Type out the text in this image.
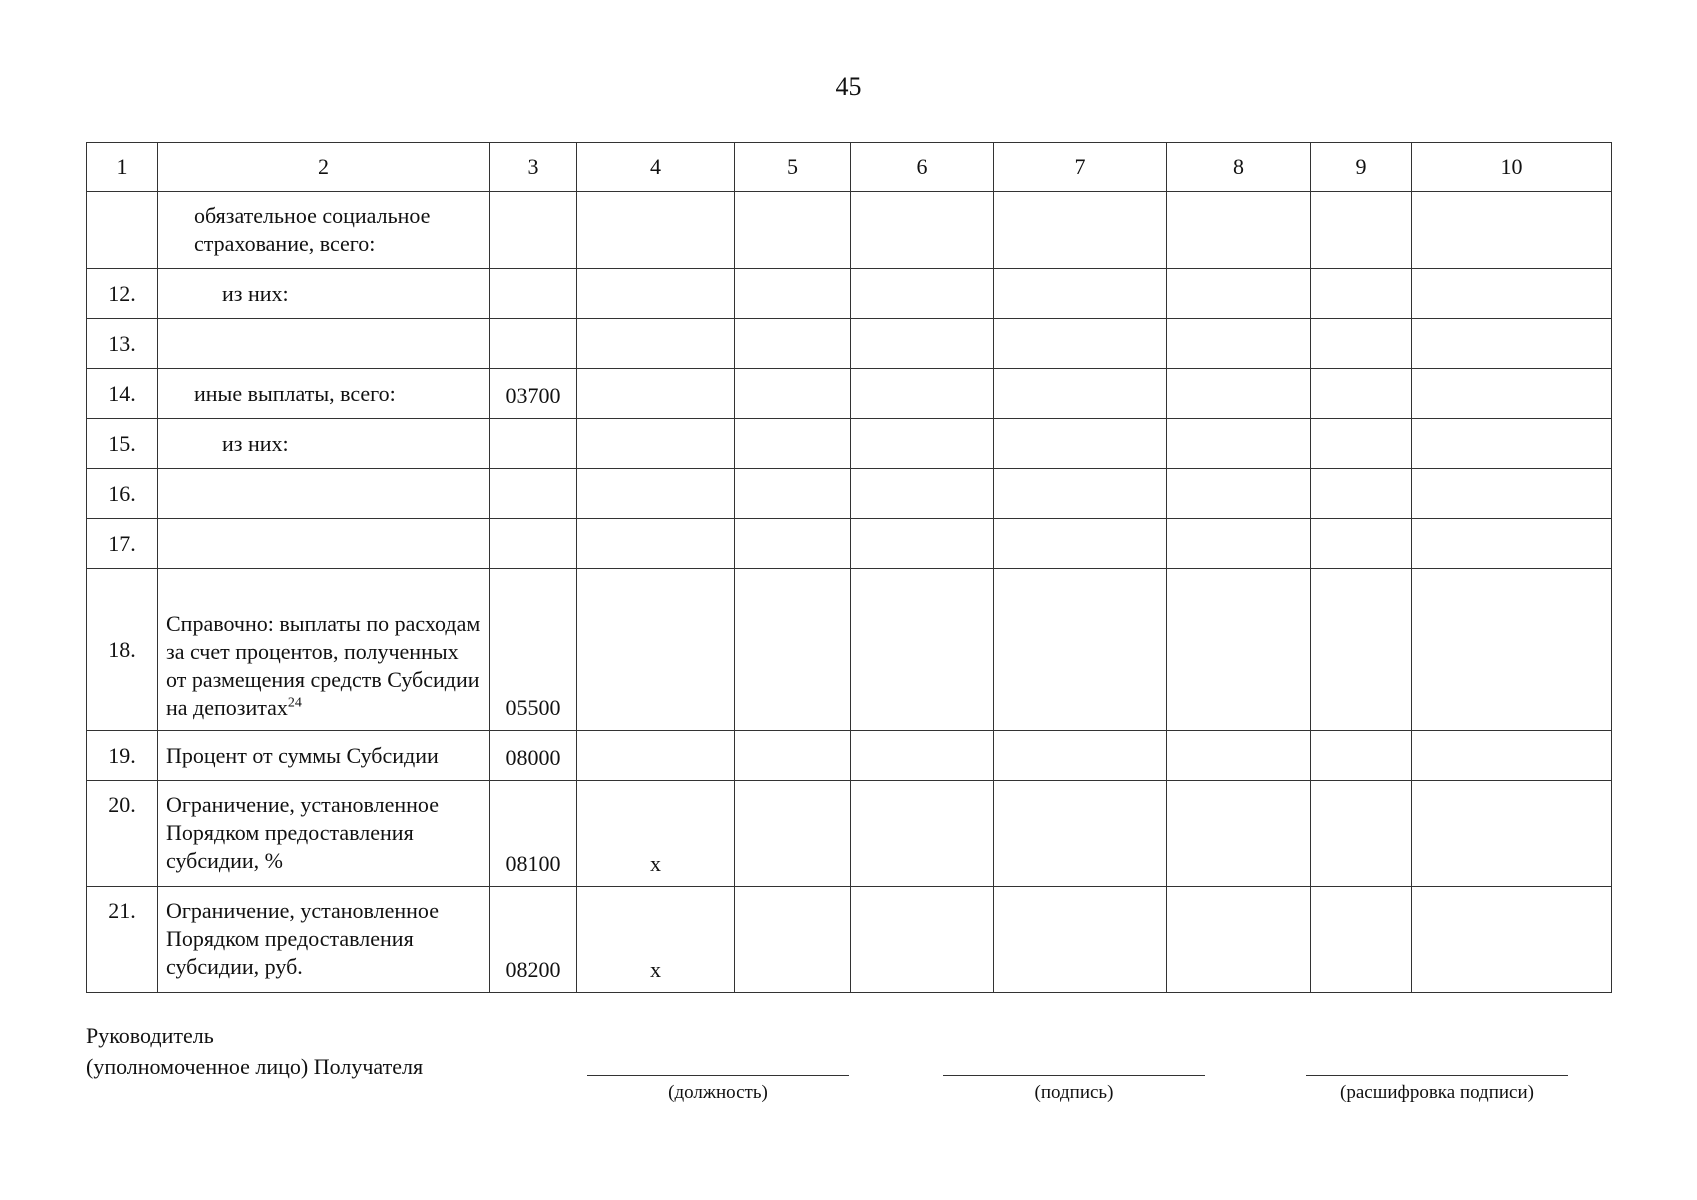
45
1	2	3	4	5	6	7	8	9	10
	обязательное социальное страхование, всего:								
12.	из них:								
13.									
14.	иные выплаты, всего:	03700							
15.	из них:								
16.									
17.									
18.	Справочно: выплаты по расходам за счет процентов, полученных от размещения средств Субсидии на депозитах$^{24}$	05500							
19.	Процент от суммы Субсидии	08000							
20.	Ограничение, установленное Порядком предоставления субсидии, %	08100	x						
21.	Ограничение, установленное Порядком предоставления субсидии, руб.	08200	x						
Руководитель
(уполномоченное лицо) Получателя
(должность)	(подпись)	(расшифровка подписи)
